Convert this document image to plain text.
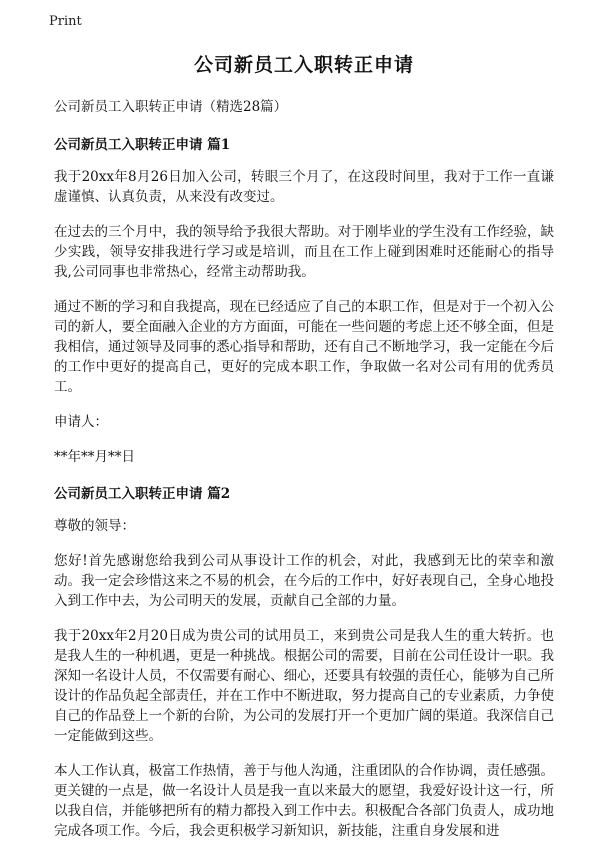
Print
公司新员工入职转正申请
公司新员工入职转正申请（精选28篇）
公司新员工入职转正申请 篇1

我于20xx年8月26日加入公司，转眼三个月了，在这段时间里，我对于工作一直谦虚谨慎、认真负责，从来没有改变过。

在过去的三个月中，我的领导给予我很大帮助。对于刚毕业的学生没有工作经验，缺少实践，领导安排我进行学习或是培训，而且在工作上碰到困难时还能耐心的指导我,公司同事也非常热心，经常主动帮助我。

通过不断的学习和自我提高，现在已经适应了自己的本职工作，但是对于一个初入公司的新人，要全面融入企业的方方面面，可能在一些问题的考虑上还不够全面，但是我相信，通过领导及同事的悉心指导和帮助，还有自己不断地学习，我一定能在今后的工作中更好的提高自己，更好的完成本职工作，争取做一名对公司有用的优秀员工。

申请人：

**年**月**日

公司新员工入职转正申请 篇2

尊敬的领导：

您好!首先感谢您给我到公司从事设计工作的机会，对此，我感到无比的荣幸和激动。我一定会珍惜这来之不易的机会，在今后的工作中，好好表现自己，全身心地投入到工作中去，为公司明天的发展，贡献自己全部的力量。

我于20xx年2月20日成为贵公司的试用员工，来到贵公司是我人生的重大转折。也是我人生的一种机遇，更是一种挑战。根据公司的需要，目前在公司任设计一职。我深知一名设计人员，不仅需要有耐心、细心，还要具有较强的责任心，能够为自己所设计的作品负起全部责任，并在工作中不断进取，努力提高自己的专业素质，力争使自己的作品登上一个新的台阶，为公司的发展打开一个更加广阔的渠道。我深信自己一定能做到这些。

本人工作认真，极富工作热情，善于与他人沟通，注重团队的合作协调，责任感强。更关键的一点是，做一名设计人员是我一直以来最大的愿望，我爱好设计这一行，所以我自信，并能够把所有的精力都投入到工作中去。积极配合各部门负责人，成功地完成各项工作。今后，我会更积极学习新知识，新技能，注重自身发展和进
